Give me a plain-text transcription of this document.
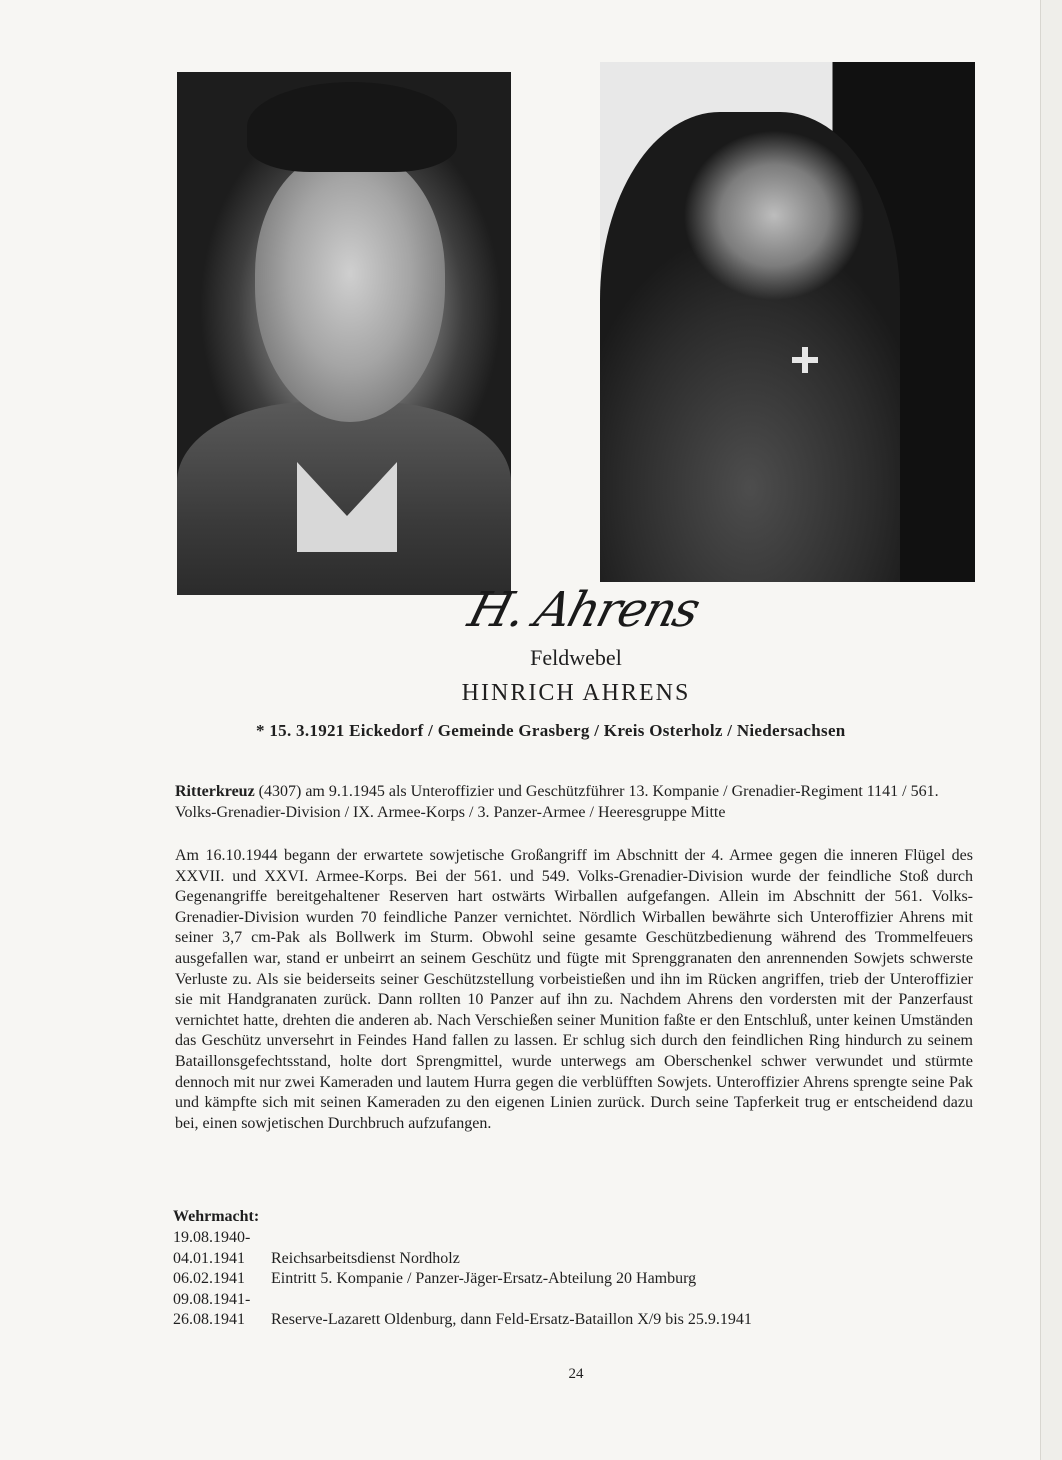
H. Ahrens
Feldwebel
HINRICH AHRENS
* 15. 3.1921 Eickedorf / Gemeinde Grasberg / Kreis Osterholz / Niedersachsen
Ritterkreuz (4307) am 9.1.1945 als Unteroffizier und Geschützführer 13. Kompanie / Grenadier-Regiment 1141 / 561. Volks-Grenadier-Division / IX. Armee-Korps / 3. Panzer-Armee / Heeresgruppe Mitte
Am 16.10.1944 begann der erwartete sowjetische Großangriff im Abschnitt der 4. Armee gegen die inneren Flügel des XXVII. und XXVI. Armee-Korps. Bei der 561. und 549. Volks-Grenadier-Division wurde der feindliche Stoß durch Gegenangriffe bereitgehaltener Reserven hart ostwärts Wirballen aufgefangen. Allein im Abschnitt der 561. Volks-Grenadier-Division wurden 70 feindliche Panzer vernichtet. Nördlich Wirballen bewährte sich Unteroffizier Ahrens mit seiner 3,7 cm-Pak als Bollwerk im Sturm. Obwohl seine gesamte Geschützbedienung während des Trommelfeuers ausgefallen war, stand er unbeirrt an seinem Geschütz und fügte mit Sprenggranaten den anrennenden Sowjets schwerste Verluste zu. Als sie beiderseits seiner Geschützstellung vorbeistießen und ihn im Rücken angriffen, trieb der Unteroffizier sie mit Handgranaten zurück. Dann rollten 10 Panzer auf ihn zu. Nachdem Ahrens den vordersten mit der Panzerfaust vernichtet hatte, drehten die anderen ab. Nach Verschießen seiner Munition faßte er den Entschluß, unter keinen Umständen das Geschütz unversehrt in Feindes Hand fallen zu lassen. Er schlug sich durch den feindlichen Ring hindurch zu seinem Bataillonsgefechtsstand, holte dort Sprengmittel, wurde unterwegs am Oberschenkel schwer verwundet und stürmte dennoch mit nur zwei Kameraden und lautem Hurra gegen die verblüfften Sowjets. Unteroffizier Ahrens sprengte seine Pak und kämpfte sich mit seinen Kameraden zu den eigenen Linien zurück. Durch seine Tapferkeit trug er entscheidend dazu bei, einen sowjetischen Durchbruch aufzufangen.
Wehrmacht:
19.08.1940-
04.01.1941	Reichsarbeitsdienst Nordholz
06.02.1941	Eintritt 5. Kompanie / Panzer-Jäger-Ersatz-Abteilung 20 Hamburg
09.08.1941-
26.08.1941	Reserve-Lazarett Oldenburg, dann Feld-Ersatz-Bataillon X/9 bis 25.9.1941
24
